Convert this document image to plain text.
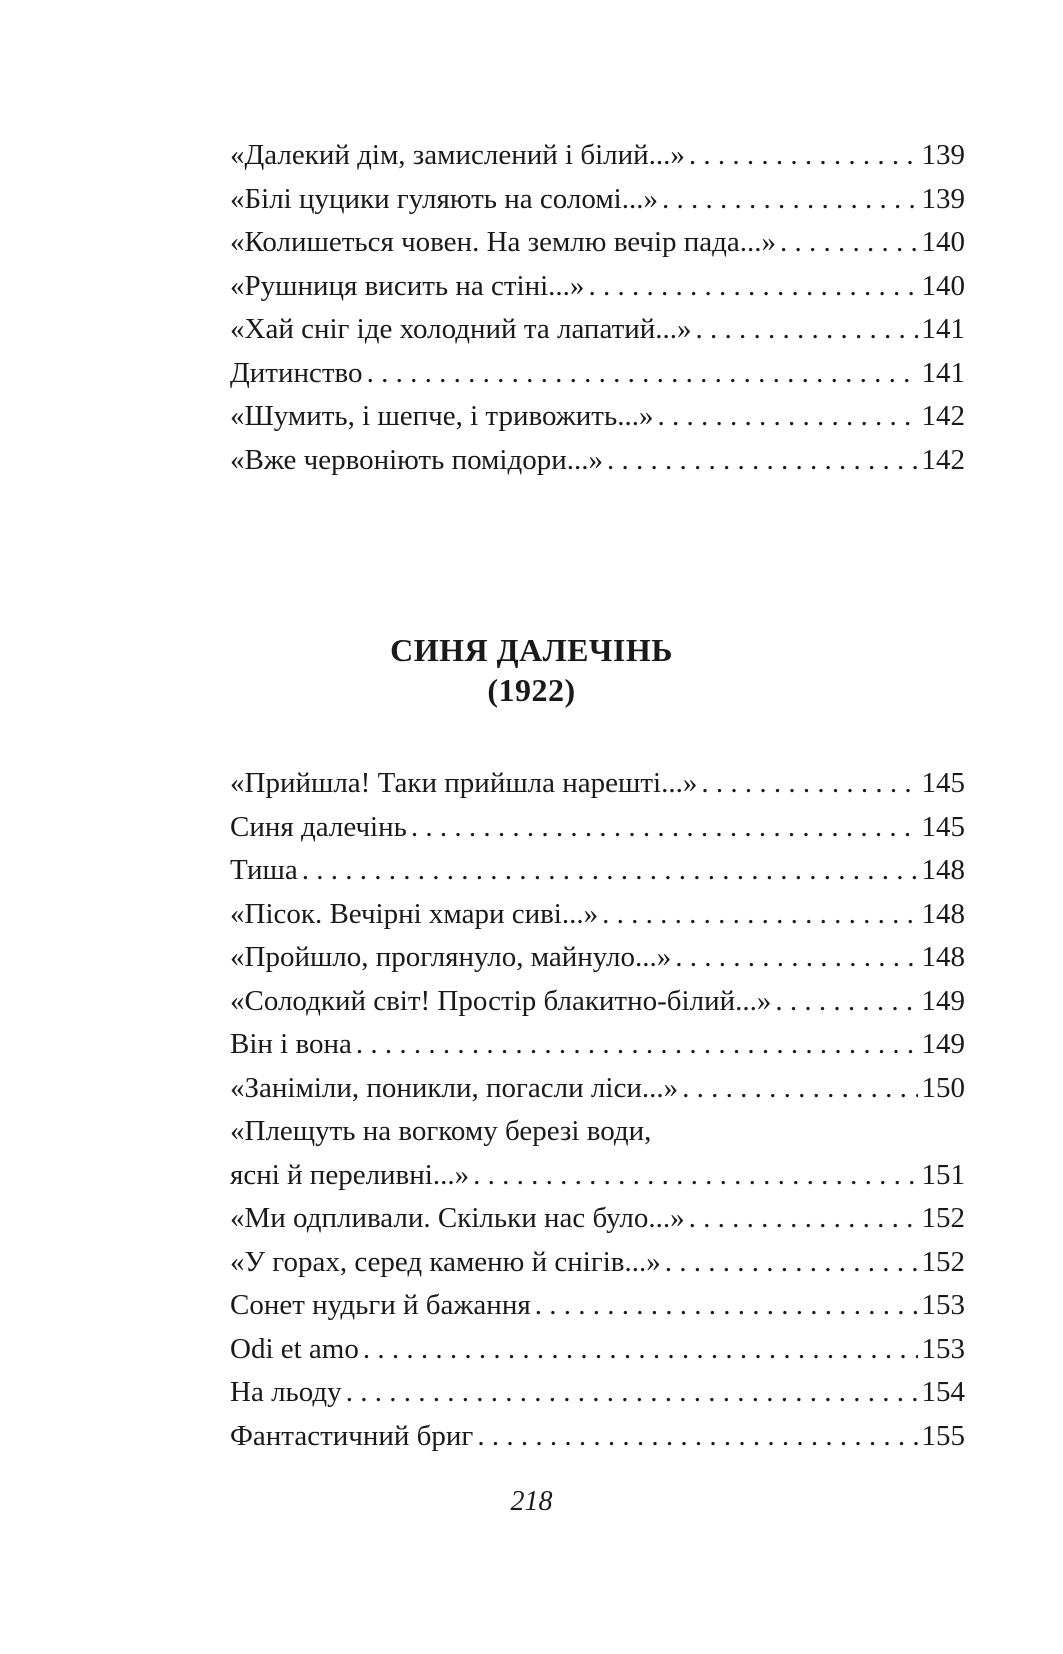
«Далекий дім, замислений і білий...» . . .	139
«Білі цуцики гуляють на соломі...» . . .	139
«Колишеться човен. На землю вечір пада...» . . .	140
«Рушниця висить на стіні...» . . .	140
«Хай сніг іде холодний та лапатий...» . . .	141
Дитинство . . .	141
«Шумить, і шепче, і тривожить...» . . .	142
«Вже червоніють помідори...» . . .	142
СИНЯ ДАЛЕЧІНЬ
(1922)
«Прийшла! Таки прийшла нарешті...» . . .	145
Синя далечінь . . .	145
Тиша . . .	148
«Пісок. Вечірні хмари сиві...» . . .	148
«Пройшло, проглянуло, майнуло...» . . .	148
«Солодкий світ! Простір блакитно-білий...» . . .	149
Він і вона . . .	149
«Заніміли, поникли, погасли ліси...» . . .	150
«Плещуть на вогкому березі води,
ясні й переливні...» . . .	151
«Ми одпливали. Скільки нас було...» . . .	152
«У горах, серед каменю й снігів...» . . .	152
Сонет нудьги й бажання . . .	153
Odi et amo . . .	153
На льоду . . .	154
Фантастичний бриг . . .	155
218
